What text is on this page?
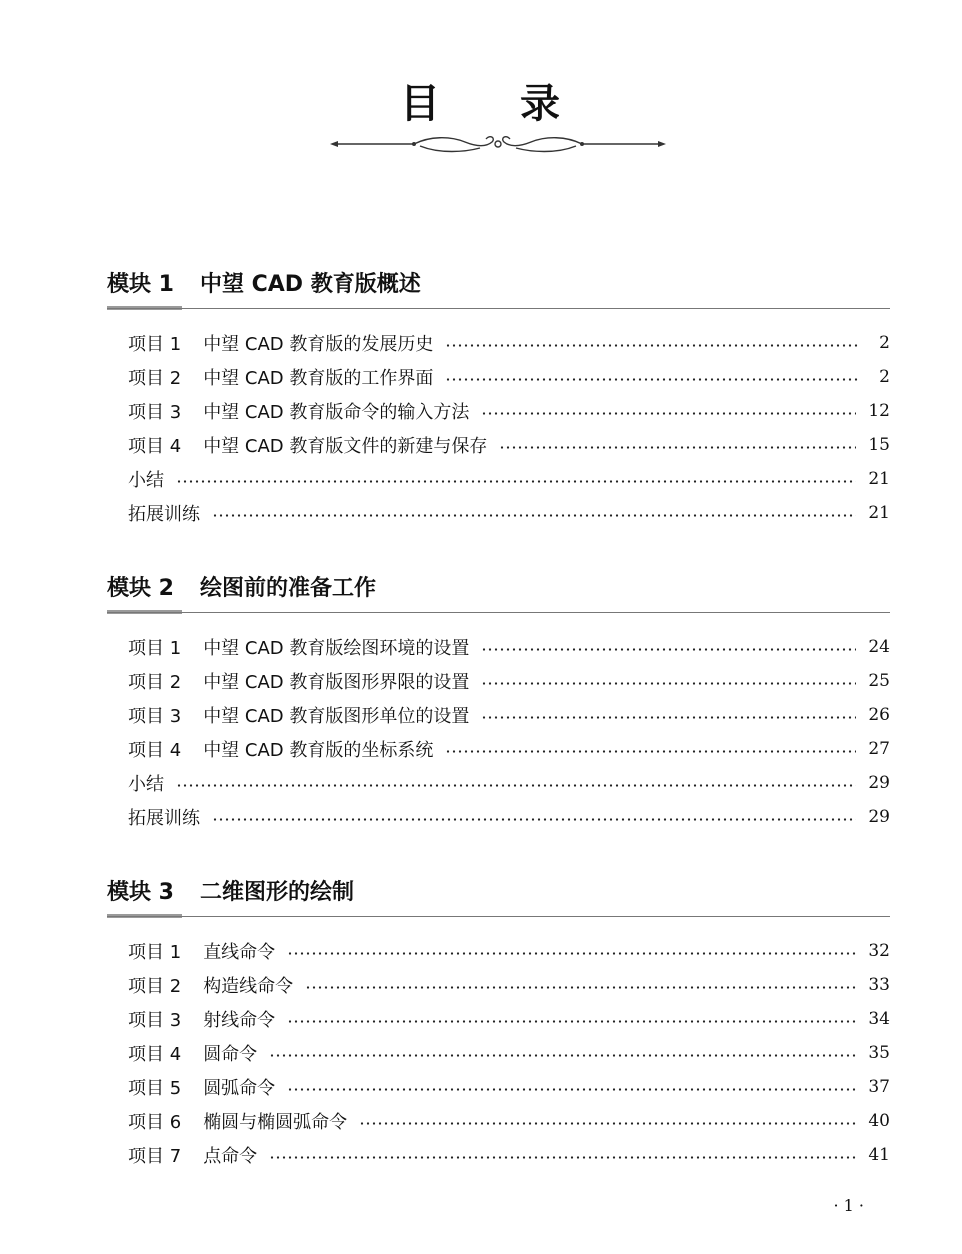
目 录
模块 1 中望 CAD 教育版概述
项目 1 中望 CAD 教育版的发展历史	2
项目 2 中望 CAD 教育版的工作界面	2
项目 3 中望 CAD 教育版命令的输入方法	12
项目 4 中望 CAD 教育版文件的新建与保存	15
小结	21
拓展训练	21
模块 2 绘图前的准备工作
项目 1 中望 CAD 教育版绘图环境的设置	24
项目 2 中望 CAD 教育版图形界限的设置	25
项目 3 中望 CAD 教育版图形单位的设置	26
项目 4 中望 CAD 教育版的坐标系统	27
小结	29
拓展训练	29
模块 3 二维图形的绘制
项目 1 直线命令	32
项目 2 构造线命令	33
项目 3 射线命令	34
项目 4 圆命令	35
项目 5 圆弧命令	37
项目 6 椭圆与椭圆弧命令	40
项目 7 点命令	41
· 1 ·
